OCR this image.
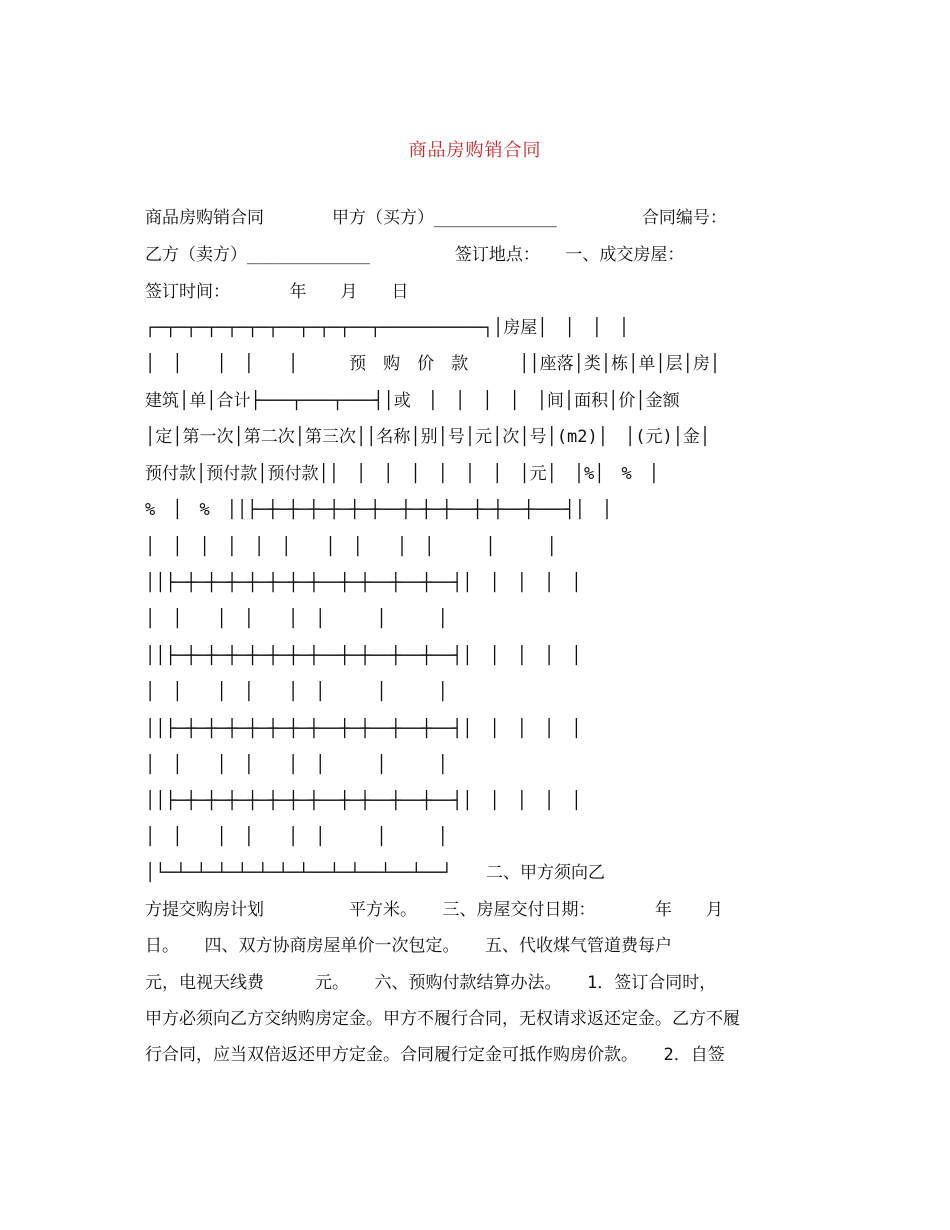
商品房购销合同
商品房购销合同　　　　甲方（买方）____________　　　　　合同编号：
乙方（卖方）____________　　　　　签订地点：　　一、成交房屋：
签订时间：　　　　年　　月　　日
┌─┬─┬─┬─┬─┬─┬──┬─┬─┬──┬──────────┐│房屋│　│　│　│
│　│　　│　│　　│　　　预　购　价　款　　　││座落│类│栋│单│层│房│
建筑│单│合计├───┬───┬───┤│或　│　│　│　│　│间│面积│价│金额
│定│第一次│第二次│第三次││名称│别│号│元│次│号│(m2)│　│(元)│金│
预付款│预付款│预付款││　│　│　│　│　│　│　│元│　│%│　%　│
%　│　%　││├─┼─┼─┼─┼─┼─┼──┼─┼─┼──┼─┼──┼───┤│　│
│　│　│　│　│　│　　│　│　　│　│　　　│　　　│
││├─┼─┼─┼─┼─┼─┼─┼──┼─┼──┼──┼──┤│　│　│　│　│
│　│　　│　│　　│　│　　　│　　　│
││├─┼─┼─┼─┼─┼─┼─┼──┼─┼──┼──┼──┤│　│　│　│　│
│　│　　│　│　　│　│　　　│　　　│
││├─┼─┼─┼─┼─┼─┼─┼──┼─┼──┼──┼──┤│　│　│　│　│
│　│　　│　│　　│　│　　　│　　　│
││├─┼─┼─┼─┼─┼─┼─┼──┼─┼──┼──┼──┤│　│　│　│　│
│　│　　│　│　　│　│　　　│　　　│
│└─┴─┴─┴─┴─┴─┴─┴──┴─┴──┴──┴──┘　　二、甲方须向乙
方提交购房计划　　　　　平方米。　　三、房屋交付日期：　　　　年　　月
日。　　四、双方协商房屋单价一次包定。　　五、代收煤气管道费每户
元，电视天线费　　　元。　　六、预购付款结算办法。　　1．签订合同时，
甲方必须向乙方交纳购房定金。甲方不履行合同，无权请求返还定金。乙方不履
行合同，应当双倍返还甲方定金。合同履行定金可抵作购房价款。　　2．自签
